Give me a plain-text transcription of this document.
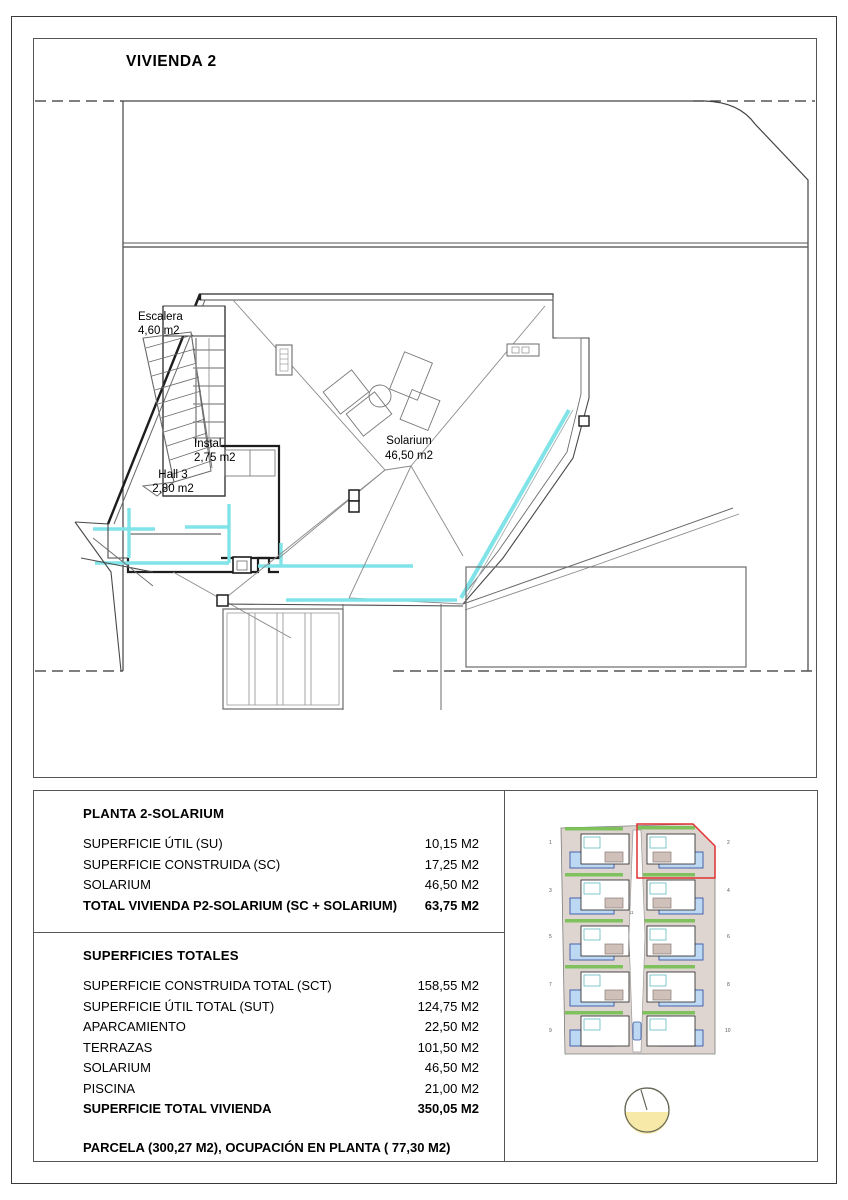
VIVIENDA 2
PLANTA 2-SOLARIUM
SUPERFICIE ÚTIL (SU)	10,15 M2
SUPERFICIE CONSTRUIDA (SC)	17,25 M2
SOLARIUM	46,50 M2
TOTAL VIVIENDA P2-SOLARIUM (SC + SOLARIUM)	63,75 M2
SUPERFICIES TOTALES
SUPERFICIE CONSTRUIDA TOTAL (SCT)	158,55 M2
SUPERFICIE ÚTIL TOTAL (SUT)	124,75 M2
APARCAMIENTO	22,50 M2
TERRAZAS	101,50 M2
SOLARIUM	46,50 M2
PISCINA	21,00 M2
SUPERFICIE TOTAL VIVIENDA	350,05 M2
PARCELA (300,27 M2), OCUPACIÓN EN PLANTA ( 77,30 M2)
1
3
5
7
9
2
4
6
8
10
11
Escalera
4,60 m2
Instal.
2,75 m2
Hall 3
2,80 m2
Solarium
46,50 m2
